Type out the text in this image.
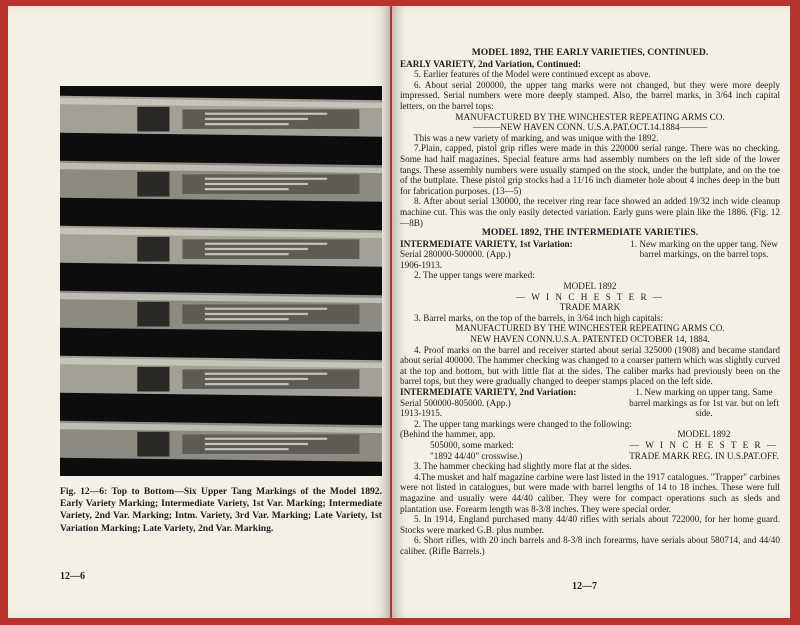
Fig. 12—6: Top to Bottom—Six Upper Tang Markings of the Model 1892. Early Variety Marking; Intermediate Variety, 1st Var. Marking; Intermediate Variety, 2nd Var. Marking; Intm. Variety, 3rd Var. Marking; Late Variety, 1st Variation Marking; Late Variety, 2nd Var. Marking.
12—6

MODEL 1892, THE EARLY VARIETIES, CONTINUED.

EARLY VARIETY, 2nd Variation, Continued:

5. Earlier features of the Model were continued except as above.

6. About serial 200000, the upper tang marks were not changed, but they were more deeply impressed. Serial numbers were more deeply stamped. Also, the barrel marks, in 3/64 inch capital letters, on the barrel tops:

MANUFACTURED BY THE WINCHESTER REPEATING ARMS CO.

———NEW HAVEN CONN. U.S.A.PAT.OCT.14.1884———

This was a new variety of marking, and was unique with the 1892.

7.Plain, capped, pistol grip rifles were made in this 220000 serial range. There was no checking. Some had half magazines. Special feature arms had assembly numbers on the left side of the lower tangs. These assembly numbers were usually stamped on the stock, under the buttplate, and on the toe of the buttplate. These pistol grip stocks had a 11/16 inch diameter hole about 4 inches deep in the butt for fabrication purposes. (13—5)

8. After about serial 130000, the receiver ring rear face showed an added 19/32 inch wide cleanup machine cut. This was the only easily detected variation. Early guns were plain like the 1886. (Fig. 12—8B)

MODEL 1892, THE INTERMEDIATE VARIETIES.

INTERMEDIATE VARIETY, 1st Variation:
Serial 280000-500000. (App.)
1906-1913.
1. New marking on the upper tang. New barrel markings, on the barrel tops.

2. The upper tangs were marked:

MODEL 1892

— W I N C H E S T E R —

TRADE MARK

3. Barrel marks, on the top of the barrels, in 3/64 inch high capitals:

MANUFACTURED BY THE WINCHESTER REPEATING ARMS CO.

NEW HAVEN CONN.U.S.A. PATENTED OCTOBER 14, 1884.

4. Proof marks on the barrel and receiver started about serial 325000 (1908) and became standard about serial 400000. The hammer checking was changed to a coarser pattern which was slightly curved at the top and bottom, but with little flat at the sides. The caliber marks had previously been on the barrel tops, but they were gradually changed to deeper stamps placed on the left side.

INTERMEDIATE VARIETY, 2nd Variation:
Serial 500000-805000. (App.)
1913-1915.
1. New marking on upper tang. Same barrel markings as for 1st var. but on left side.

2. The upper tang markings were changed to the following:

(Behind the hammer, app.
505000, some marked:
"1892 44/40" crosswise.)
MODEL 1892
— W I N C H E S T E R —
TRADE MARK REG. IN U.S.PAT.OFF.

3. The hammer checking had slightly more flat at the sides.

4.The musket and half magazine carbine were last listed in the 1917 catalogues. "Trapper" carbines were not listed in catalogues, but were made with barrel lengths of 14 to 18 inches. These were full magazine and usually were 44/40 caliber. They were for compact operations such as sleds and plantation use. Forearm length was 8-3/8 inches. They were special order.

5. In 1914, England purchased many 44/40 rifles with serials about 722000, for her home guard. Stocks were marked G.B. plus number.

6. Short rifles, with 20 inch barrels and 8-3/8 inch forearms, have serials about 580714, and 44/40 caliber. (Rifle Barrels.)

12—7
